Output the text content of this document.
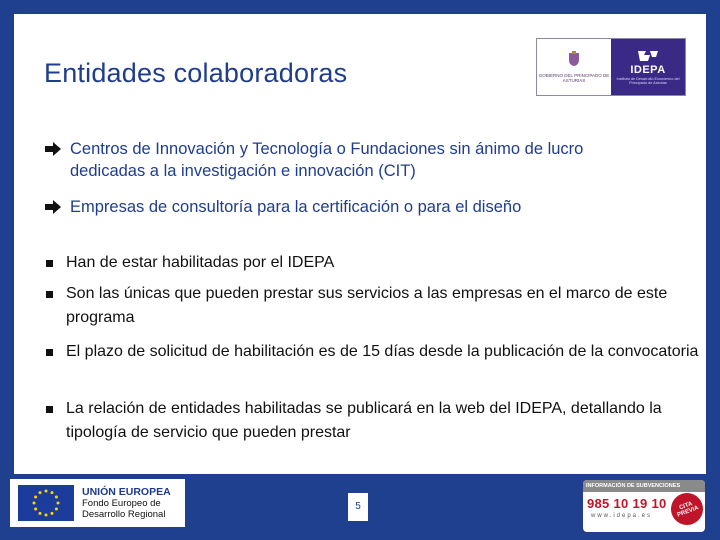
Entidades colaboradoras	GOBIERNO DEL PRINCIPADO DE ASTURIAS
IDEPA
Instituto de Desarrollo Económico del Principado de Asturias
Centros de Innovación y Tecnología o Fundaciones sin ánimo de lucro
dedicadas a la investigación e innovación (CIT)
Empresas de consultoría para la certificación o para el diseño
Han de estar habilitadas por el IDEPA
Son las únicas que pueden prestar sus servicios a las empresas en el marco de este programa
El plazo de solicitud de habilitación es de 15 días desde la publicación de la convocatoria
La relación de entidades habilitadas se publicará en la web del IDEPA, detallando la tipología de servicio que pueden prestar
UNIÓN EUROPEA
Fondo Europeo de
Desarrollo Regional
5
INFORMACIÓN DE SUBVENCIONES
985 10 19 10
www.idepa.es
CITA PREVIA
